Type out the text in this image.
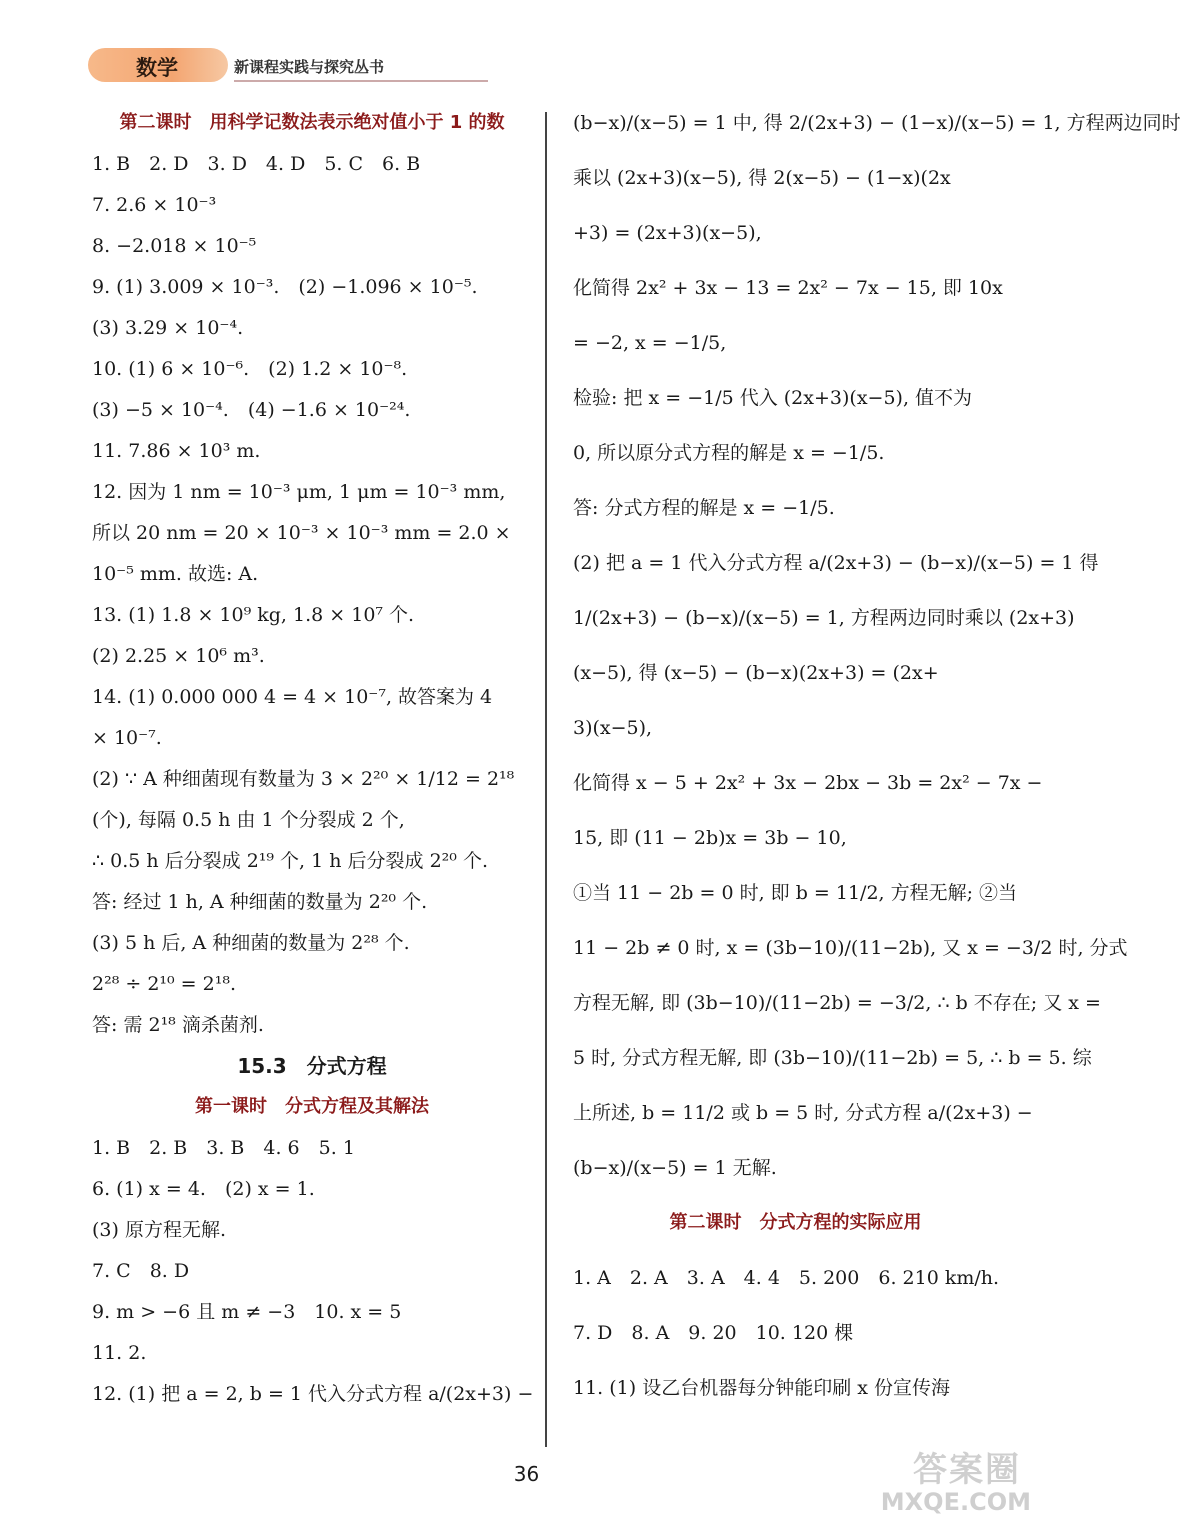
数学	新课程实践与探究丛书
第二课时　用科学记数法表示绝对值小于 1 的数
1. B　2. D　3. D　4. D　5. C　6. B
7. 2.6 × 10⁻³
8. −2.018 × 10⁻⁵
9. (1) 3.009 × 10⁻³.　(2) −1.096 × 10⁻⁵.
(3) 3.29 × 10⁻⁴.
10. (1) 6 × 10⁻⁶.　(2) 1.2 × 10⁻⁸.
(3) −5 × 10⁻⁴.　(4) −1.6 × 10⁻²⁴.
11. 7.86 × 10³ m.
12. 因为 1 nm = 10⁻³ μm, 1 μm = 10⁻³ mm,
所以 20 nm = 20 × 10⁻³ × 10⁻³ mm = 2.0 ×
10⁻⁵ mm. 故选: A.
13. (1) 1.8 × 10⁹ kg, 1.8 × 10⁷ 个.
(2) 2.25 × 10⁶ m³.
14. (1) 0.000 000 4 = 4 × 10⁻⁷, 故答案为 4
× 10⁻⁷.
(2) ∵ A 种细菌现有数量为 3 × 2²⁰ × 1/12 = 2¹⁸
(个), 每隔 0.5 h 由 1 个分裂成 2 个,
∴ 0.5 h 后分裂成 2¹⁹ 个, 1 h 后分裂成 2²⁰ 个.
答: 经过 1 h, A 种细菌的数量为 2²⁰ 个.
(3) 5 h 后, A 种细菌的数量为 2²⁸ 个.
2²⁸ ÷ 2¹⁰ = 2¹⁸.
答: 需 2¹⁸ 滴杀菌剂.
15.3　分式方程
第一课时　分式方程及其解法
1. B　2. B　3. B　4. 6　5. 1
6. (1) x = 4.　(2) x = 1.
(3) 原方程无解.
7. C　8. D
9. m > −6 且 m ≠ −3　10. x = 5
11. 2.
12. (1) 把 a = 2, b = 1 代入分式方程 a/(2x+3) −
(b−x)/(x−5) = 1 中, 得 2/(2x+3) − (1−x)/(x−5) = 1, 方程两边同时
乘以 (2x+3)(x−5), 得 2(x−5) − (1−x)(2x
+3) = (2x+3)(x−5),
化简得 2x² + 3x − 13 = 2x² − 7x − 15, 即 10x
= −2, x = −1/5,
检验: 把 x = −1/5 代入 (2x+3)(x−5), 值不为
0, 所以原分式方程的解是 x = −1/5.
答: 分式方程的解是 x = −1/5.
(2) 把 a = 1 代入分式方程 a/(2x+3) − (b−x)/(x−5) = 1 得
1/(2x+3) − (b−x)/(x−5) = 1, 方程两边同时乘以 (2x+3)
(x−5), 得 (x−5) − (b−x)(2x+3) = (2x+
3)(x−5),
化简得 x − 5 + 2x² + 3x − 2bx − 3b = 2x² − 7x −
15, 即 (11 − 2b)x = 3b − 10,
①当 11 − 2b = 0 时, 即 b = 11/2, 方程无解; ②当
11 − 2b ≠ 0 时, x = (3b−10)/(11−2b), 又 x = −3/2 时, 分式
方程无解, 即 (3b−10)/(11−2b) = −3/2, ∴ b 不存在; 又 x =
5 时, 分式方程无解, 即 (3b−10)/(11−2b) = 5, ∴ b = 5. 综
上所述, b = 11/2 或 b = 5 时, 分式方程 a/(2x+3) −
(b−x)/(x−5) = 1 无解.
第二课时　分式方程的实际应用
1. A　2. A　3. A　4. 4　5. 200　6. 210 km/h.
7. D　8. A　9. 20　10. 120 棵
11. (1) 设乙台机器每分钟能印刷 x 份宣传海
36	答案圈
MXQE.COM
